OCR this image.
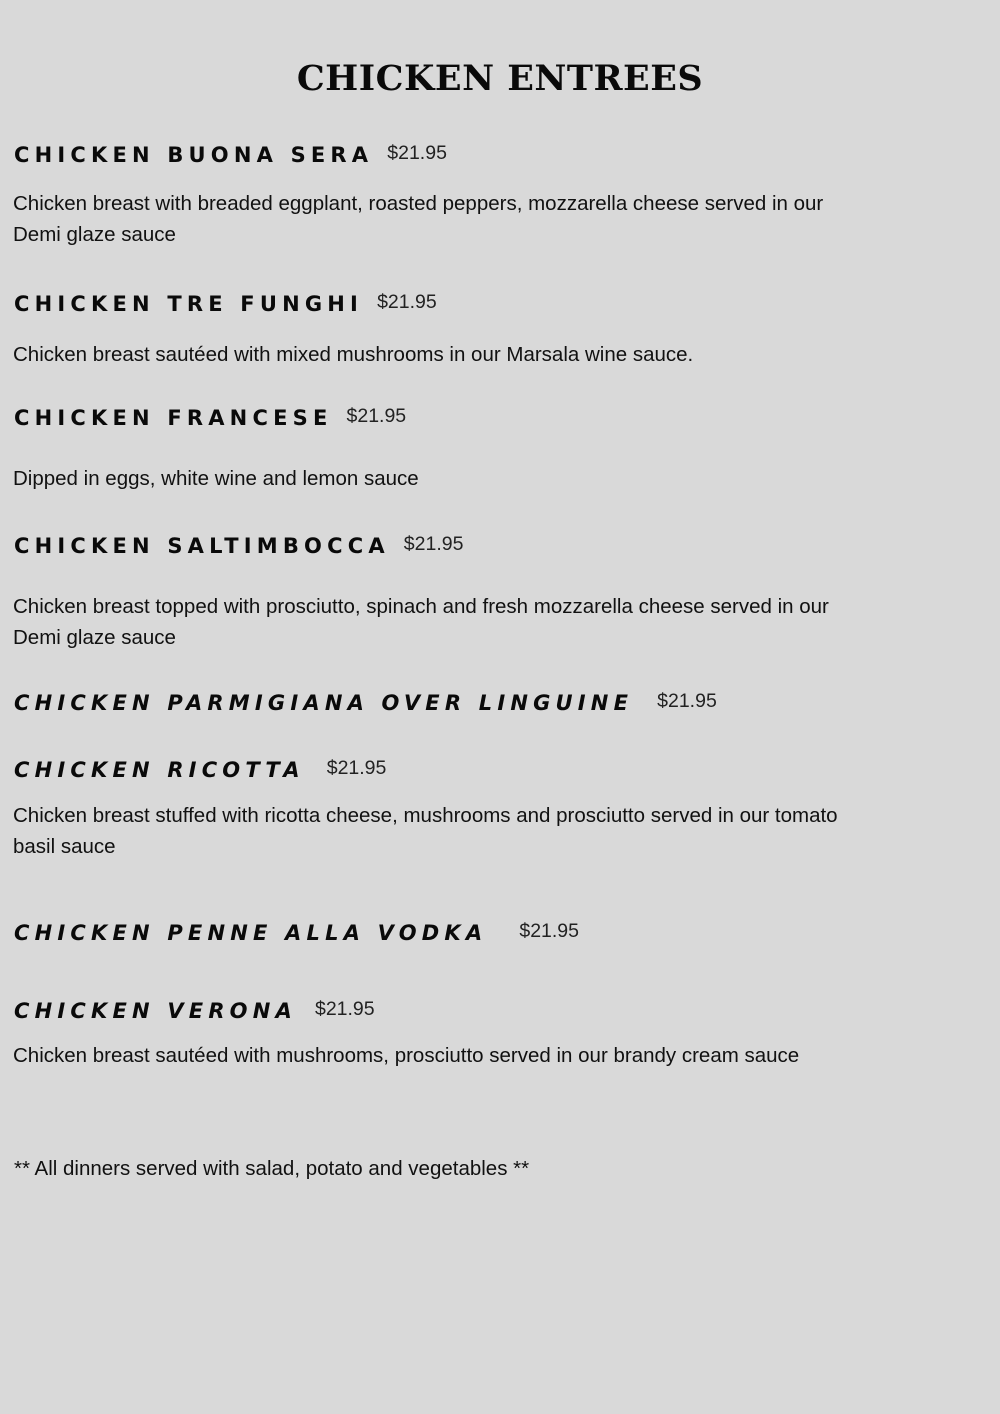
CHICKEN ENTREES
CHICKEN BUONA SERA $21.95

Chicken breast with breaded eggplant, roasted peppers, mozzarella cheese served in our Demi glaze sauce

CHICKEN TRE FUNGHI $21.95

Chicken breast sautéed with mixed mushrooms in our Marsala wine sauce.

CHICKEN FRANCESE $21.95

Dipped in eggs, white wine and lemon sauce

CHICKEN SALTIMBOCCA $21.95

Chicken breast topped with prosciutto, spinach and fresh mozzarella cheese served in our Demi glaze sauce

CHICKEN PARMIGIANA OVER LINGUINE $21.95
CHICKEN RICOTTA $21.95

Chicken breast stuffed with ricotta cheese, mushrooms and prosciutto served in our tomato basil sauce

CHICKEN PENNE ALLA VODKA $21.95
CHICKEN VERONA $21.95

Chicken breast sautéed with mushrooms, prosciutto served in our brandy cream sauce

** All dinners served with salad, potato and vegetables **
